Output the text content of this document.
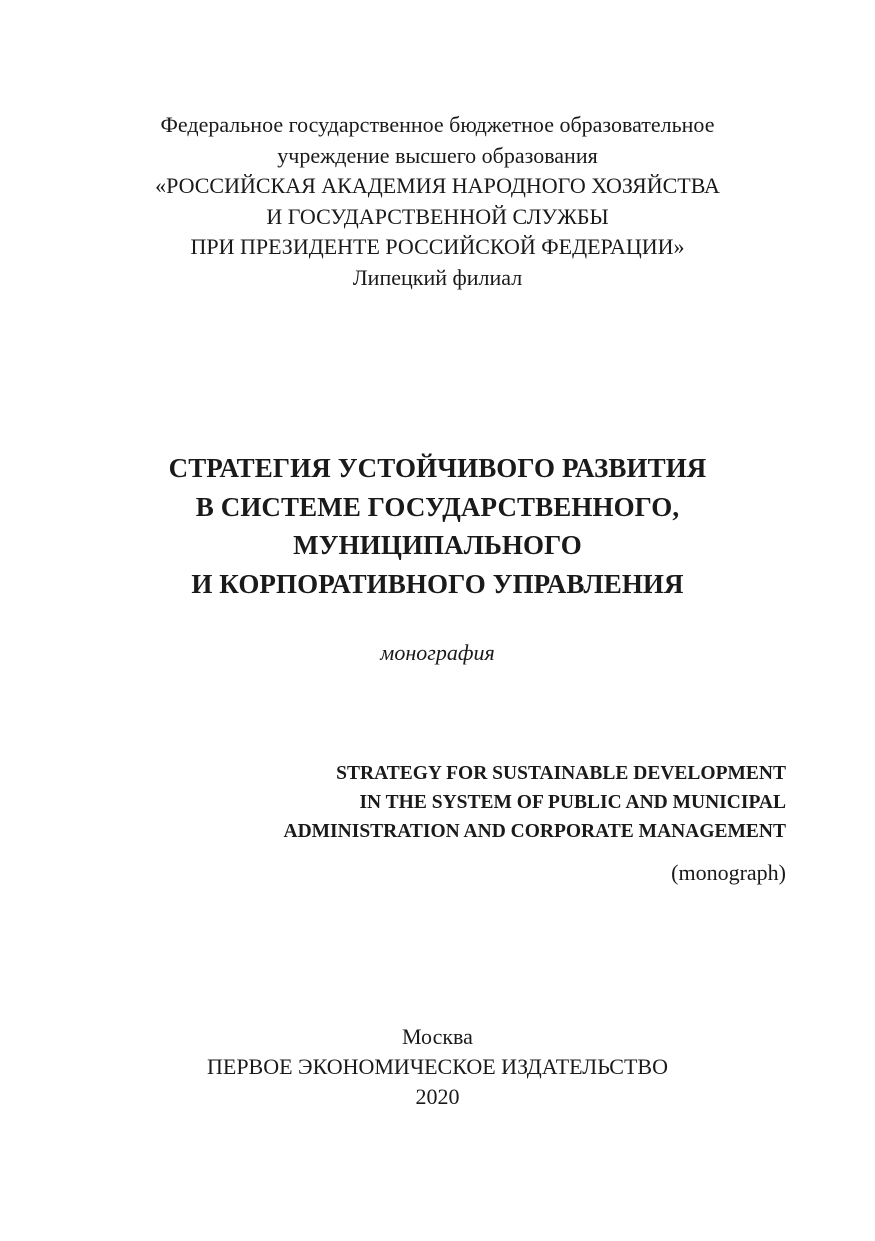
Федеральное государственное бюджетное образовательное
учреждение высшего образования
«РОССИЙСКАЯ АКАДЕМИЯ НАРОДНОГО ХОЗЯЙСТВА
И ГОСУДАРСТВЕННОЙ СЛУЖБЫ
ПРИ ПРЕЗИДЕНТЕ РОССИЙСКОЙ ФЕДЕРАЦИИ»
Липецкий филиал
СТРАТЕГИЯ УСТОЙЧИВОГО РАЗВИТИЯ
В СИСТЕМЕ ГОСУДАРСТВЕННОГО,
МУНИЦИПАЛЬНОГО
И КОРПОРАТИВНОГО УПРАВЛЕНИЯ
монография
STRATEGY FOR SUSTAINABLE DEVELOPMENT
IN THE SYSTEM OF PUBLIC AND MUNICIPAL
ADMINISTRATION AND CORPORATE MANAGEMENT
(monograph)
Москва
ПЕРВОЕ ЭКОНОМИЧЕСКОЕ ИЗДАТЕЛЬСТВО
2020
